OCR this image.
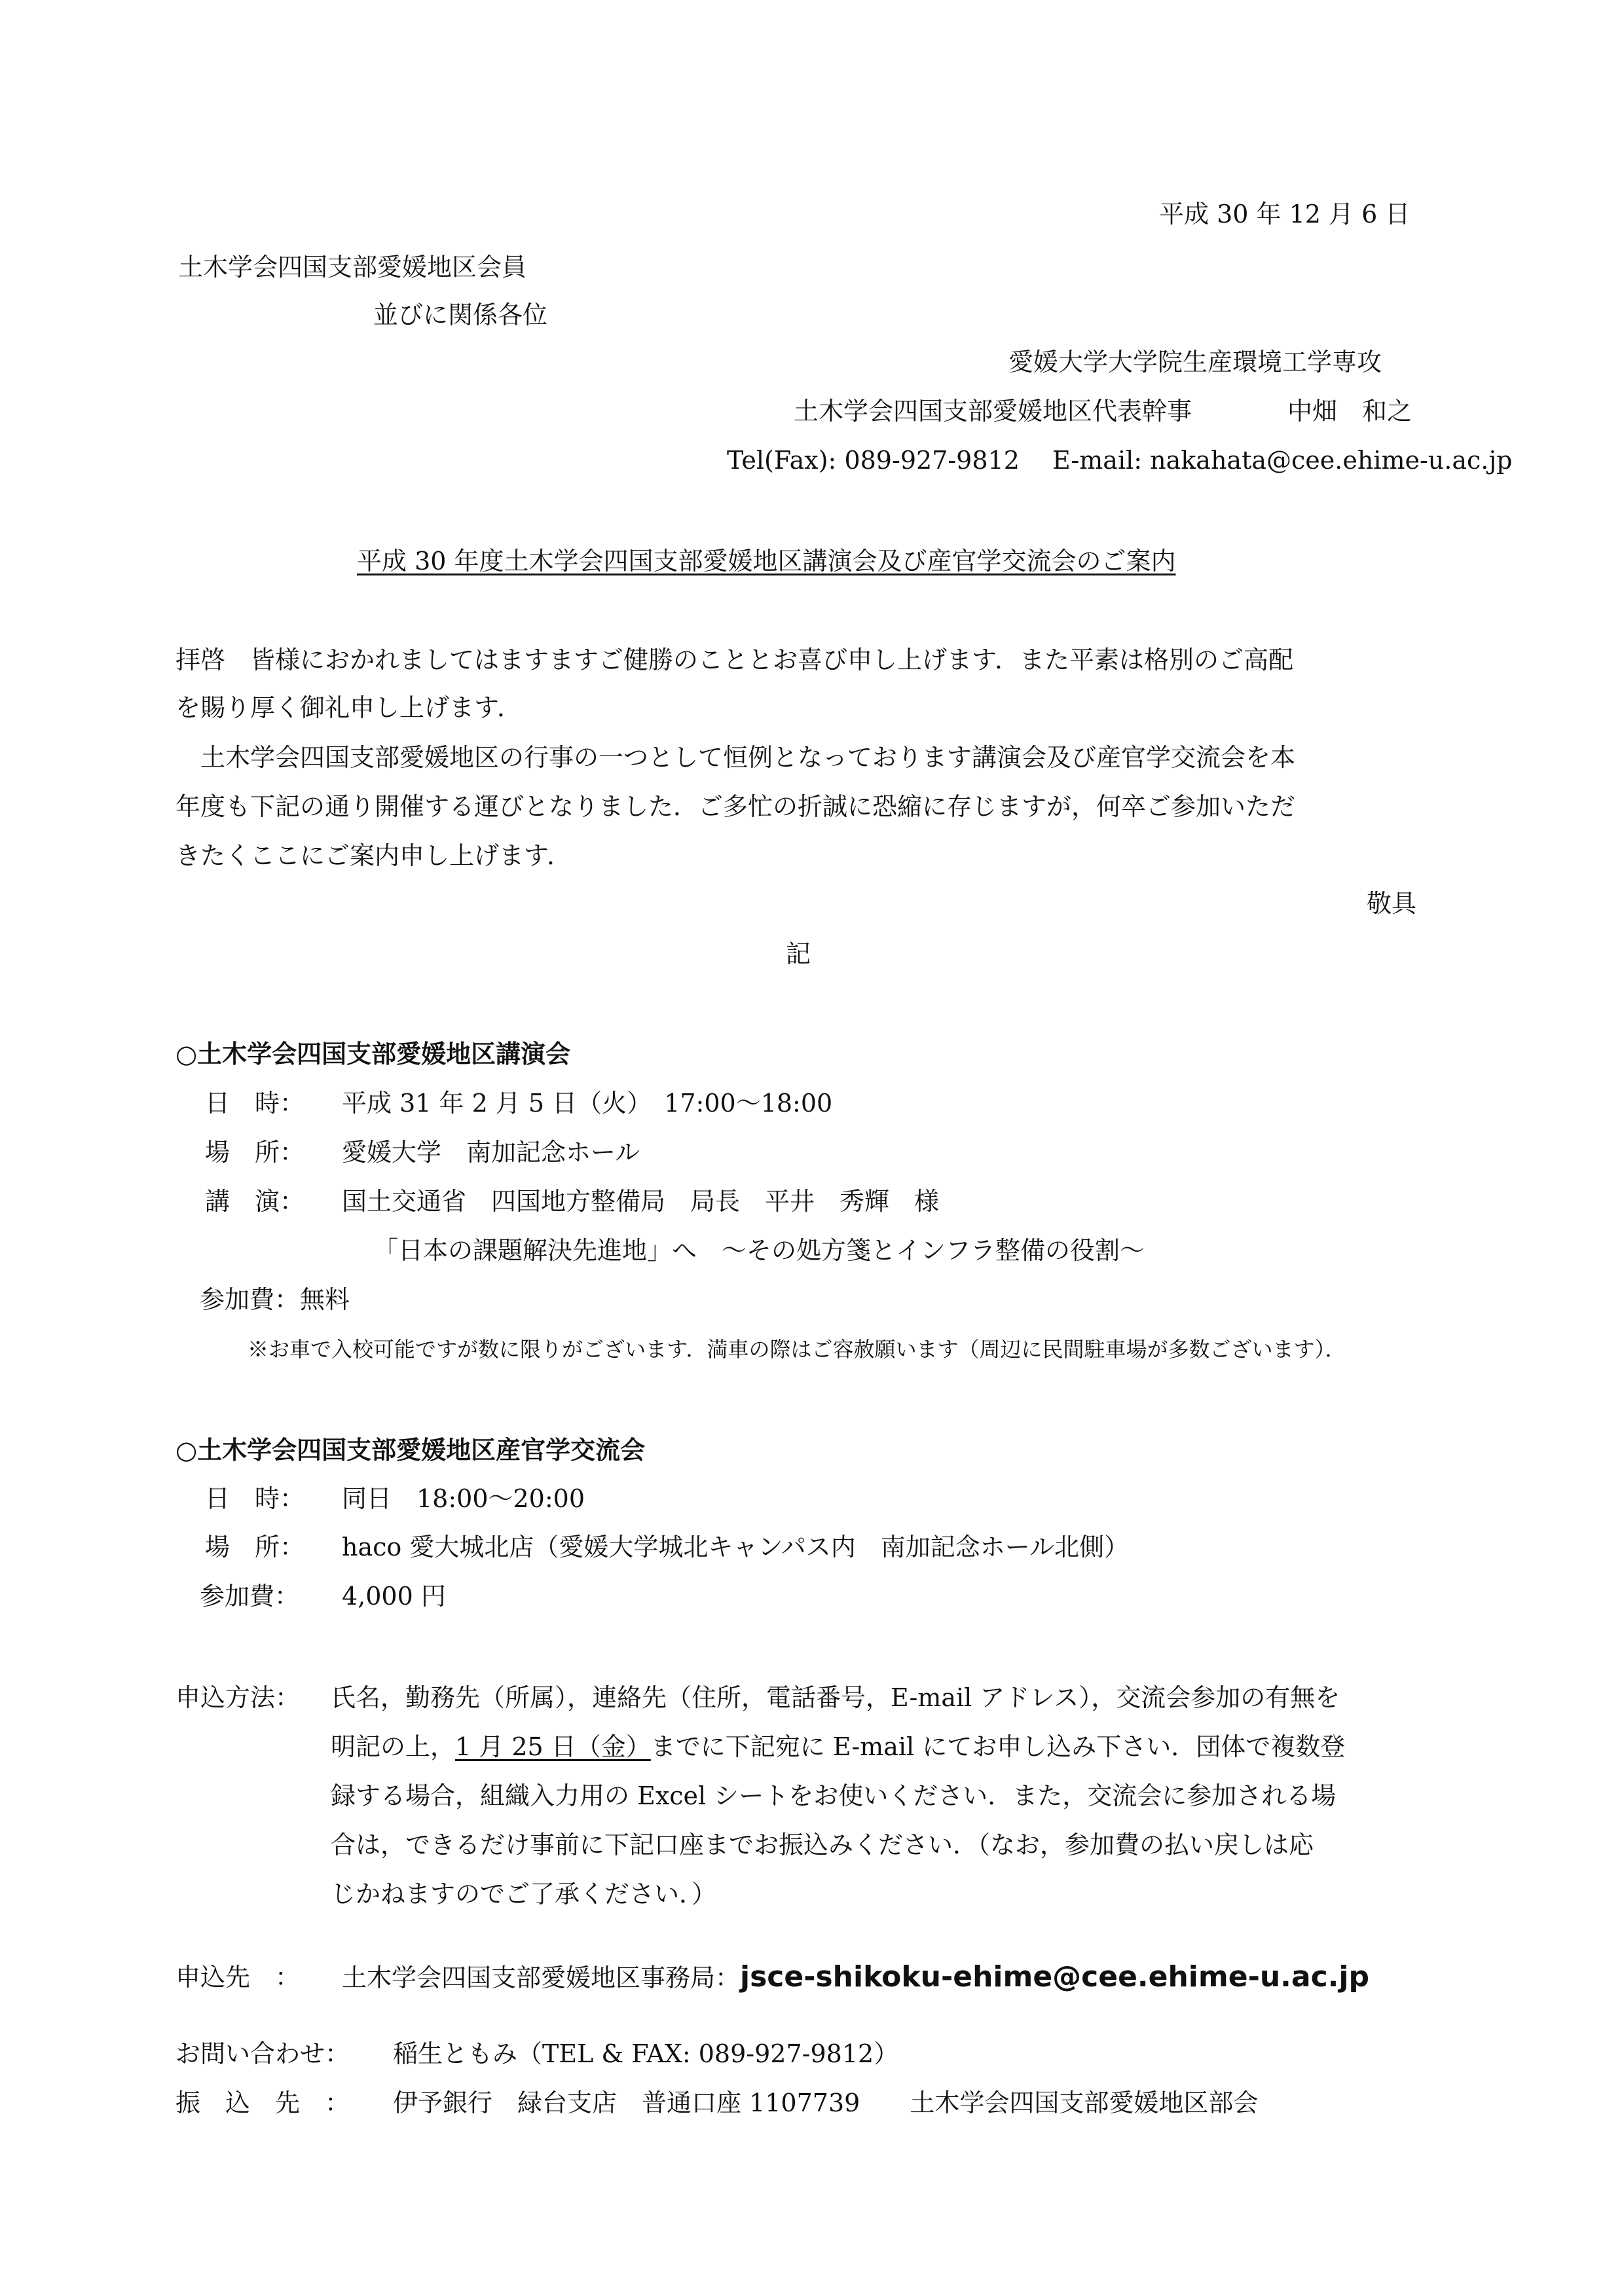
平成 30 年 12 月 6 日
土木学会四国支部愛媛地区会員
並びに関係各位
愛媛大学大学院生産環境工学専攻
土木学会四国支部愛媛地区代表幹事	中畑　和之
Tel(Fax): 089-927-9812　 E-mail: nakahata@cee.ehime-u.ac.jp
平成 30 年度土木学会四国支部愛媛地区講演会及び産官学交流会のご案内
拝啓　皆様におかれましてはますますご健勝のこととお喜び申し上げます．また平素は格別のご高配
を賜り厚く御礼申し上げます．
　土木学会四国支部愛媛地区の行事の一つとして恒例となっております講演会及び産官学交流会を本
年度も下記の通り開催する運びとなりました．ご多忙の折誠に恐縮に存じますが，何卒ご参加いただ
きたくここにご案内申し上げます．
敬具
記
○土木学会四国支部愛媛地区講演会
日　時： 平成 31 年 2 月 5 日（火）　17:00～18:00
場　所： 愛媛大学　南加記念ホール
講　演： 国土交通省　四国地方整備局　局長　平井　秀輝　様
「日本の課題解決先進地」へ　～その処方箋とインフラ整備の役割～
参加費： 無料
※お車で入校可能ですが数に限りがございます．満車の際はご容赦願います（周辺に民間駐車場が多数ございます）．
○土木学会四国支部愛媛地区産官学交流会
日　時： 同日　18:00～20:00
場　所： haco 愛大城北店（愛媛大学城北キャンパス内　南加記念ホール北側）
参加費： 4,000 円
申込方法： 氏名，勤務先（所属），連絡先（住所，電話番号，E-mail アドレス），交流会参加の有無を
明記の上，1 月 25 日（金）までに下記宛に E-mail にてお申し込み下さい．団体で複数登
録する場合，組織入力用の Excel シートをお使いください．また，交流会に参加される場
合は，できるだけ事前に下記口座までお振込みください．（なお，参加費の払い戻しは応
じかねますのでご了承ください．）
申込先　： 土木学会四国支部愛媛地区事務局：jsce-shikoku-ehime@cee.ehime-u.ac.jp
お問い合わせ： 稲生ともみ（TEL & FAX: 089-927-9812）
振　込　先　： 伊予銀行　緑台支店　普通口座 1107739　　土木学会四国支部愛媛地区部会
